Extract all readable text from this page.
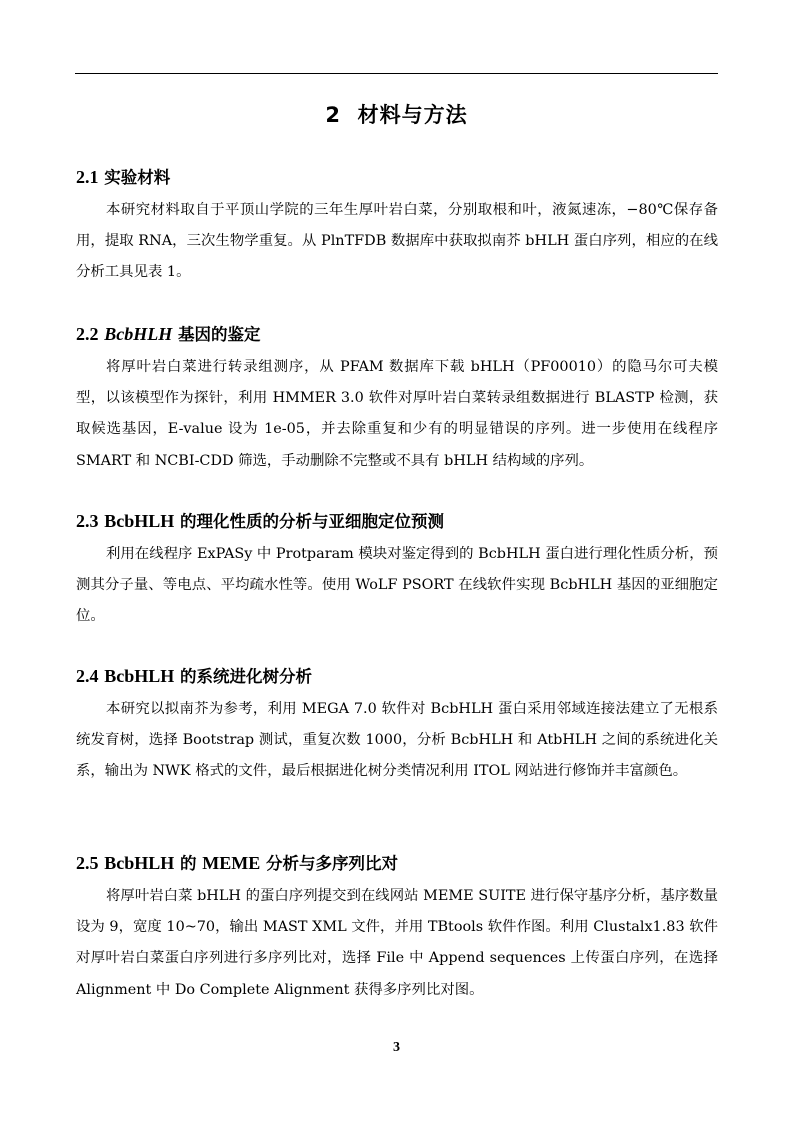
2 材料与方法
2.1 实验材料

本研究材料取自于平顶山学院的三年生厚叶岩白菜，分别取根和叶，液氮速冻，−80℃保存备用，提取 RNA，三次生物学重复。从 PlnTFDB 数据库中获取拟南芥 bHLH 蛋白序列，相应的在线分析工具见表 1。

2.2 BcbHLH 基因的鉴定

将厚叶岩白菜进行转录组测序，从 PFAM 数据库下载 bHLH（PF00010）的隐马尔可夫模型，以该模型作为探针，利用 HMMER 3.0 软件对厚叶岩白菜转录组数据进行 BLASTP 检测，获取候选基因，E-value 设为 1e-05，并去除重复和少有的明显错误的序列。进一步使用在线程序 SMART 和 NCBI-CDD 筛选，手动删除不完整或不具有 bHLH 结构域的序列。

2.3 BcbHLH 的理化性质的分析与亚细胞定位预测

利用在线程序 ExPASy 中 Protparam 模块对鉴定得到的 BcbHLH 蛋白进行理化性质分析，预测其分子量、等电点、平均疏水性等。使用 WoLF PSORT 在线软件实现 BcbHLH 基因的亚细胞定位。

2.4 BcbHLH 的系统进化树分析

本研究以拟南芥为参考，利用 MEGA 7.0 软件对 BcbHLH 蛋白采用邻域连接法建立了无根系统发育树，选择 Bootstrap 测试，重复次数 1000，分析 BcbHLH 和 AtbHLH 之间的系统进化关系，输出为 NWK 格式的文件，最后根据进化树分类情况利用 ITOL 网站进行修饰并丰富颜色。

2.5 BcbHLH 的 MEME 分析与多序列比对

将厚叶岩白菜 bHLH 的蛋白序列提交到在线网站 MEME SUITE 进行保守基序分析，基序数量设为 9，宽度 10~70，输出 MAST XML 文件，并用 TBtools 软件作图。利用 Clustalx1.83 软件对厚叶岩白菜蛋白序列进行多序列比对，选择 File 中 Append sequences 上传蛋白序列，在选择 Alignment 中 Do Complete Alignment 获得多序列比对图。

3
